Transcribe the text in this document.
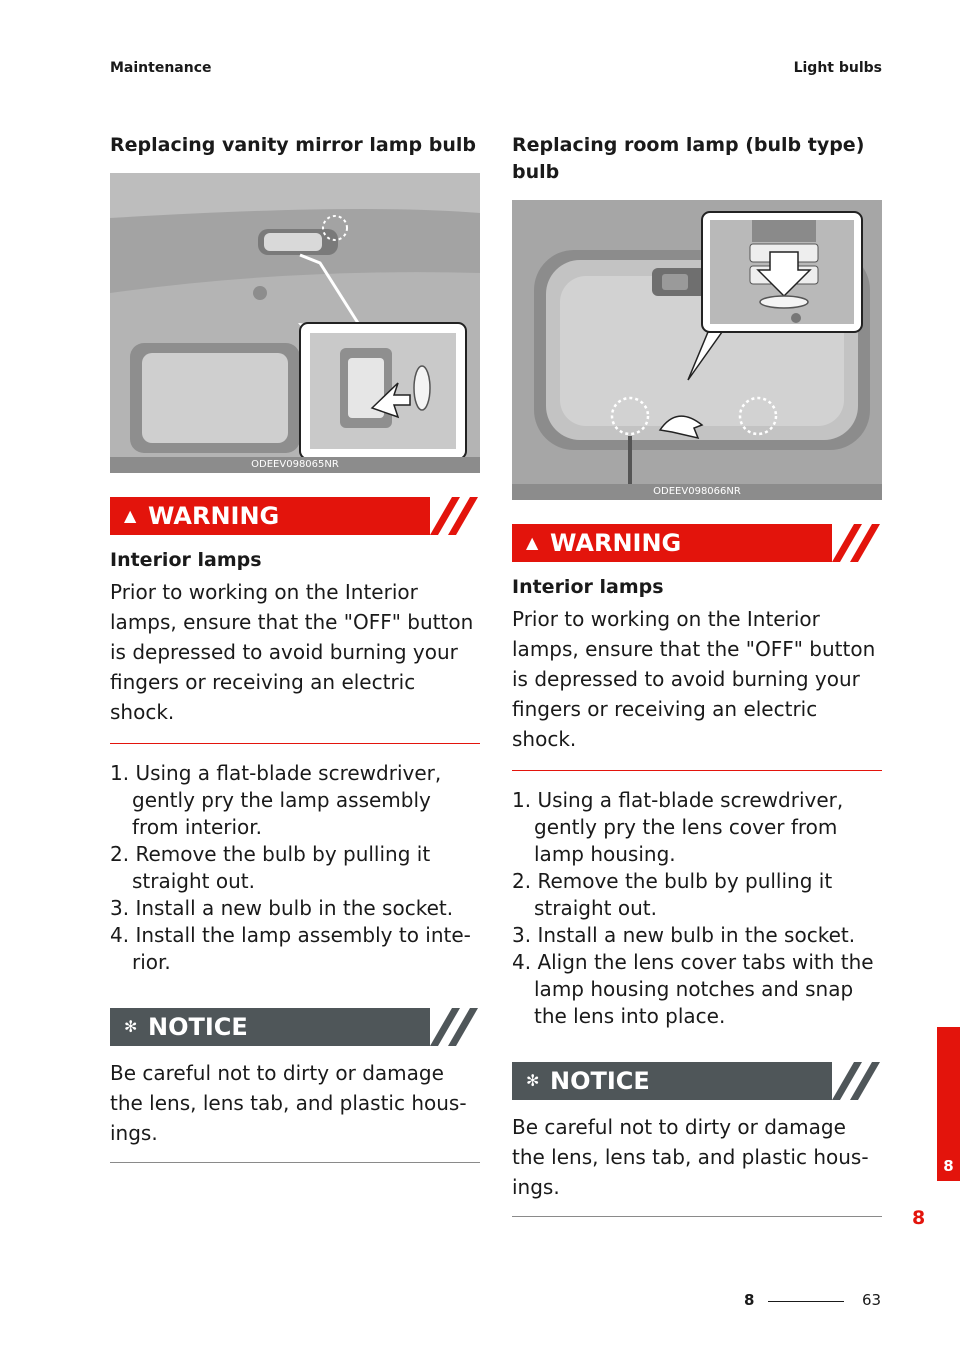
Maintenance	Light bulbs
Replacing vanity mirror lamp bulb
ODEEV098065NR
▲ WARNING
Interior lamps

Prior to working on the Interior lamps, ensure that the "OFF" button is depressed to avoid burning your fingers or receiving an electric shock.

1. Using a flat-blade screwdriver, gently pry the lamp assembly from interior.
2. Remove the bulb by pulling it straight out.
3. Install a new bulb in the socket.
4. Install the lamp assembly to inte-rior.
✻ NOTICE

Be careful not to dirty or damage the lens, lens tab, and plastic hous-ings.

Replacing room lamp (bulb type) bulb
ODEEV098066NR
▲ WARNING
Interior lamps

Prior to working on the Interior lamps, ensure that the "OFF" button is depressed to avoid burning your fingers or receiving an electric shock.

1. Using a flat-blade screwdriver, gently pry the lens cover from lamp housing.
2. Remove the bulb by pulling it straight out.
3. Install a new bulb in the socket.
4. Align the lens cover tabs with the lamp housing notches and snap the lens into place.
✻ NOTICE

Be careful not to dirty or damage the lens, lens tab, and plastic hous-ings.

8
8
8	63
